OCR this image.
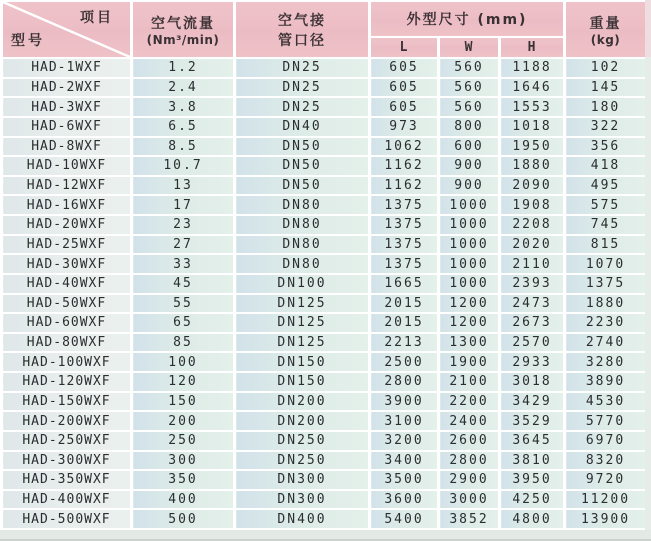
项目
型号

空气流量
(Nm³/min)

空气接
管口径
	外型尺寸 (mm)	重量
(kg)

			L	W	H	
HAD-1WXF	1.2	DN25	605	560	1188	102
HAD-2WXF	2.4	DN25	605	560	1646	145
HAD-3WXF	3.8	DN25	605	560	1553	180
HAD-6WXF	6.5	DN40	973	800	1018	322
HAD-8WXF	8.5	DN50	1062	600	1950	356
HAD-10WXF	10.7	DN50	1162	900	1880	418
HAD-12WXF	13	DN50	1162	900	2090	495
HAD-16WXF	17	DN80	1375	1000	1908	575
HAD-20WXF	23	DN80	1375	1000	2208	745
HAD-25WXF	27	DN80	1375	1000	2020	815
HAD-30WXF	33	DN80	1375	1000	2110	1070
HAD-40WXF	45	DN100	1665	1000	2393	1375
HAD-50WXF	55	DN125	2015	1200	2473	1880
HAD-60WXF	65	DN125	2015	1200	2673	2230
HAD-80WXF	85	DN125	2213	1300	2570	2740
HAD-100WXF	100	DN150	2500	1900	2933	3280
HAD-120WXF	120	DN150	2800	2100	3018	3890
HAD-150WXF	150	DN200	3900	2200	3429	4530
HAD-200WXF	200	DN200	3100	2400	3529	5770
HAD-250WXF	250	DN250	3200	2600	3645	6970
HAD-300WXF	300	DN250	3400	2800	3810	8320
HAD-350WXF	350	DN300	3500	2900	3950	9720
HAD-400WXF	400	DN300	3600	3000	4250	11200
HAD-500WXF	500	DN400	5400	3852	4800	13900
